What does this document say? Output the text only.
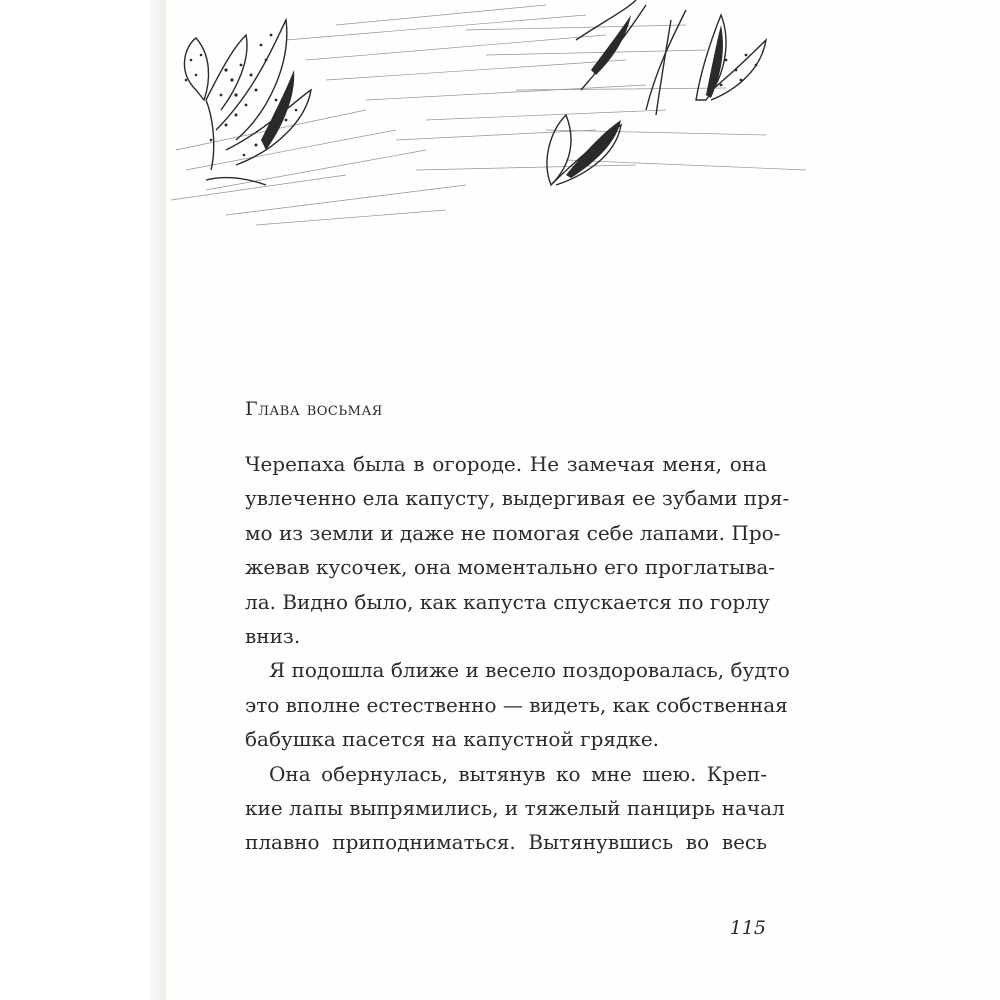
Глава восьмая

Черепаха была в огороде. Не замечая меня, она
увлеченно ела капусту, выдергивая ее зубами пря-
мо из земли и даже не помогая себе лапами. Про-
жевав кусочек, она моментально его проглатыва-
ла. Видно было, как капуста спускается по горлу
вниз.

Я подошла ближе и весело поздоровалась, будто
это вполне естественно — видеть, как собственная
бабушка пасется на капустной грядке.

Она обернулась, вытянув ко мне шею. Креп-
кие лапы выпрямились, и тяжелый панцирь начал
плавно приподниматься. Вытянувшись во весь

115
